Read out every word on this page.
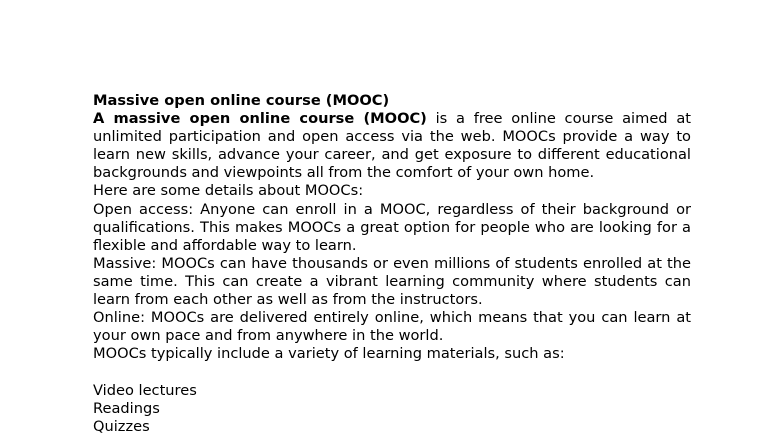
Massive open online course (MOOC)

A massive open online course (MOOC) is a free online course aimed at unlimited participation and open access via the web. MOOCs provide a way to learn new skills, advance your career, and get exposure to different educational backgrounds and viewpoints all from the comfort of your own home.

Here are some details about MOOCs:

Open access: Anyone can enroll in a MOOC, regardless of their background or qualifications. This makes MOOCs a great option for people who are looking for a flexible and affordable way to learn.

Massive: MOOCs can have thousands or even millions of students enrolled at the same time. This can create a vibrant learning community where students can learn from each other as well as from the instructors.

Online: MOOCs are delivered entirely online, which means that you can learn at your own pace and from anywhere in the world.

MOOCs typically include a variety of learning materials, such as:

Video lectures

Readings

Quizzes
